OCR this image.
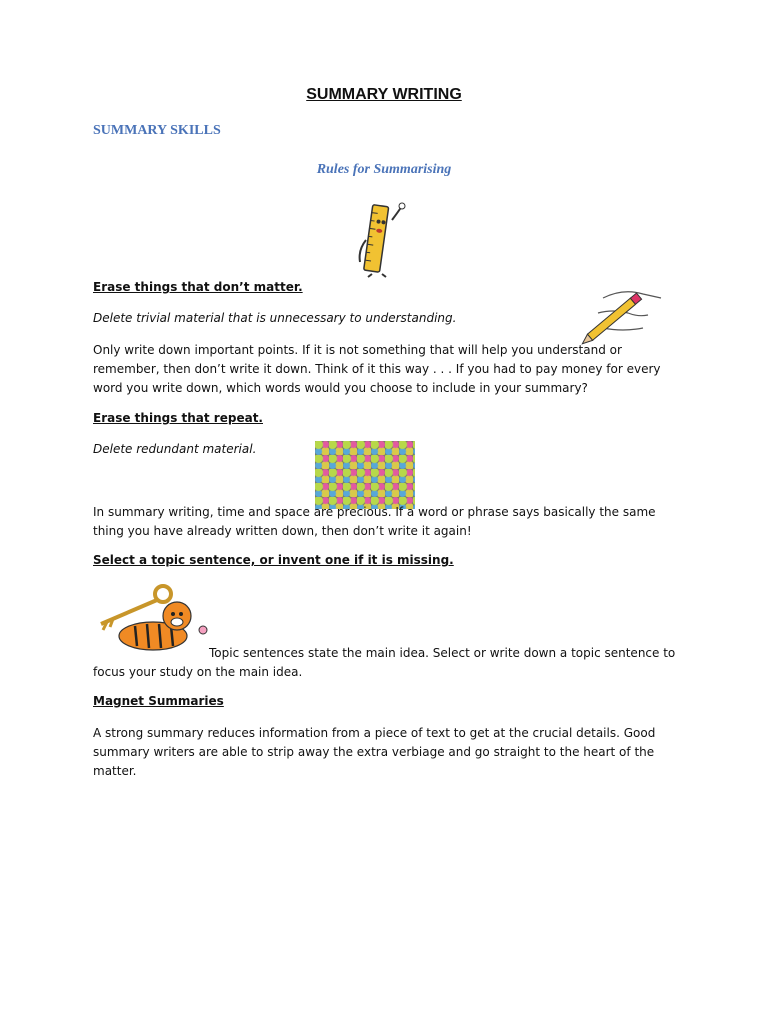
SUMMARY WRITING
SUMMARY SKILLS
Rules for Summarising
Erase things that don’t matter.
Delete trivial material that is unnecessary to understanding.
Only write down important points. If it is not something that will help you understand or remember, then don’t write it down. Think of it this way . . . If you had to pay money for every word you write down, which words would you choose to include in your summary?
Erase things that repeat.
Delete redundant material.
In summary writing, time and space are precious. If a word or phrase says basically the same thing you have already written down, then don’t write it again!
Select a topic sentence, or invent one if it is missing.
Topic sentences state the main idea. Select or write down a topic sentence to focus your study on the main idea.
Magnet Summaries
A strong summary reduces information from a piece of text to get at the crucial details. Good summary writers are able to strip away the extra verbiage and go straight to the heart of the matter.
